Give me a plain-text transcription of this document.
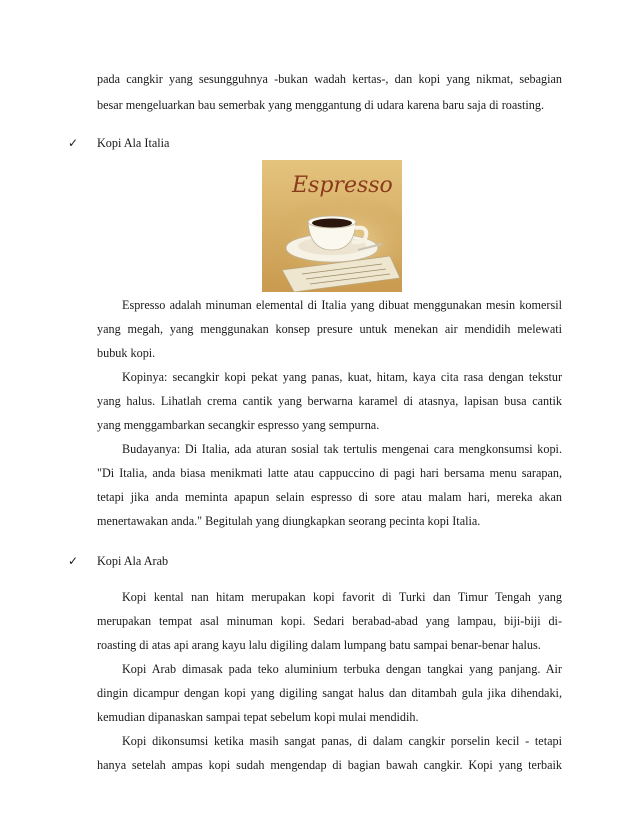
pada cangkir yang sesungguhnya -bukan wadah kertas-, dan kopi yang nikmat, sebagian
besar mengeluarkan bau semerbak yang menggantung di udara karena baru saja di roasting.
✓ Kopi Ala Italia
Espresso
Espresso adalah minuman elemental di Italia yang dibuat menggunakan mesin komersil
yang megah, yang menggunakan konsep presure untuk menekan air mendidih melewati
bubuk kopi.
Kopinya: secangkir kopi pekat yang panas, kuat, hitam, kaya cita rasa dengan tekstur
yang halus. Lihatlah crema cantik yang berwarna karamel di atasnya, lapisan busa cantik
yang menggambarkan secangkir espresso yang sempurna.
Budayanya: Di Italia, ada aturan sosial tak tertulis mengenai cara mengkonsumsi kopi.
"Di Italia, anda biasa menikmati latte atau cappuccino di pagi hari bersama menu sarapan,
tetapi jika anda meminta apapun selain espresso di sore atau malam hari, mereka akan
menertawakan anda." Begitulah yang diungkapkan seorang pecinta kopi Italia.
✓ Kopi Ala Arab
Kopi kental nan hitam merupakan kopi favorit di Turki dan Timur Tengah yang
merupakan tempat asal minuman kopi. Sedari berabad-abad yang lampau, biji-biji di-
roasting di atas api arang kayu lalu digiling dalam lumpang batu sampai benar-benar halus.
Kopi Arab dimasak pada teko aluminium terbuka dengan tangkai yang panjang. Air
dingin dicampur dengan kopi yang digiling sangat halus dan ditambah gula jika dihendaki,
kemudian dipanaskan sampai tepat sebelum kopi mulai mendidih.
Kopi dikonsumsi ketika masih sangat panas, di dalam cangkir porselin kecil - tetapi
hanya setelah ampas kopi sudah mengendap di bagian bawah cangkir. Kopi yang terbaik
